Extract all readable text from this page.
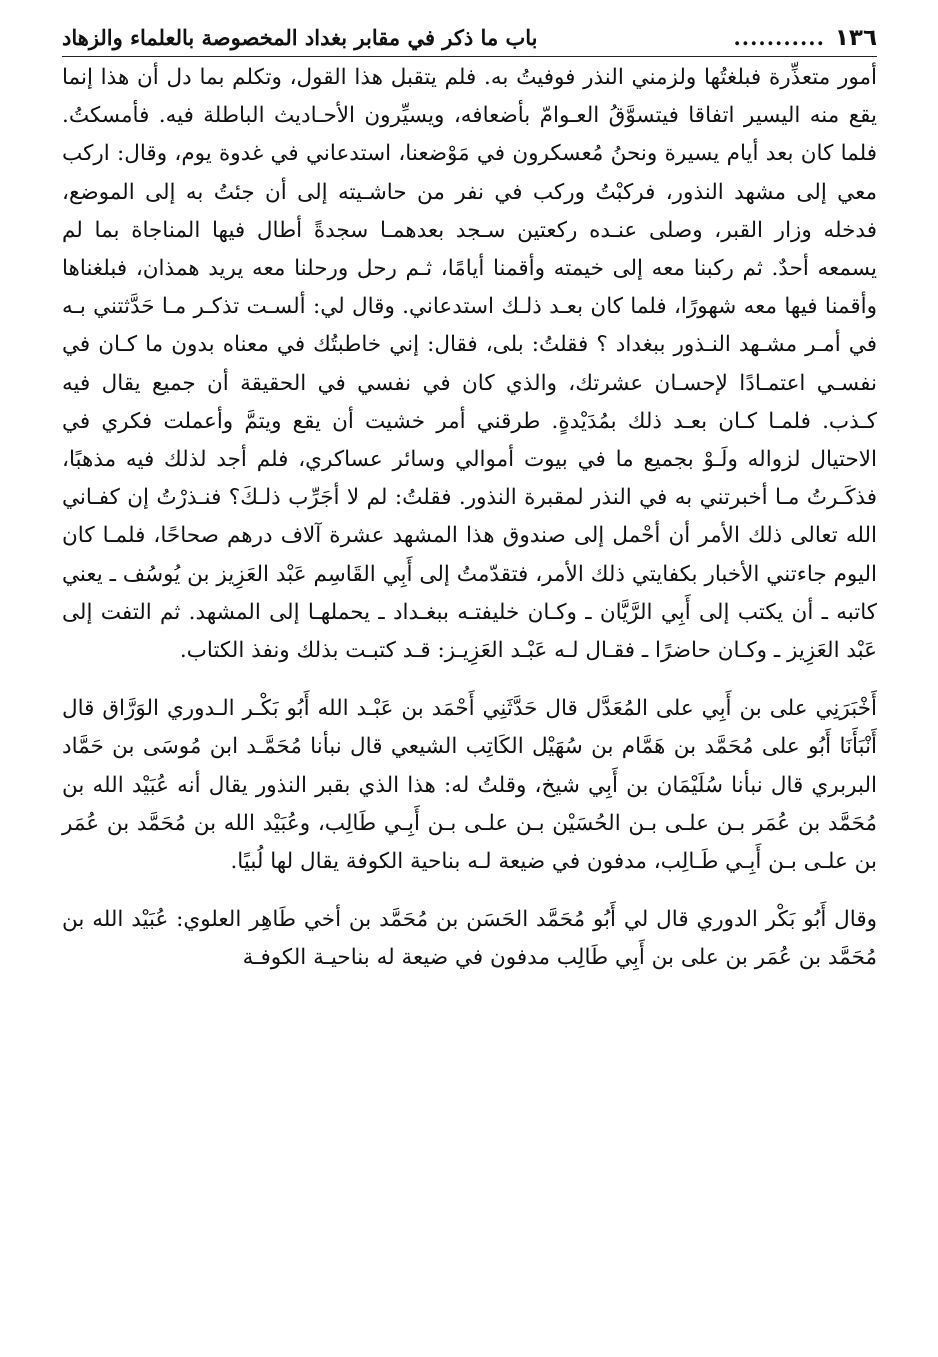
١٣٦
...........
باب ما ذكر في مقابر بغداد المخصوصة بالعلماء والزهاد

أمور متعذِّرة فبلغتُها ولزمني النذر فوفيتُ به. فلم يتقبل هذا القول، وتكلم بما دل أن هذا إنما يقع منه اليسير اتفاقا فيتسوَّقُ العـوامّ بأضعافه، ويسيِّرون الأحـاديث الباطلة فيه. فأمسكتُ. فلما كان بعد أيام يسيرة ونحنُ مُعسكرون في مَوْضعنا، استدعاني في غدوة يوم، وقال: اركب معي إلى مشهد النذور، فركبْتُ وركب في نفر من حاشـيته إلى أن جئتُ به إلى الموضع، فدخله وزار القبر، وصلى عنـده ركعتين سـجد بعدهمـا سجدةً أطال فيها المناجاة بما لم يسمعه أحدٌ. ثم ركبنا معه إلى خيمته وأقمنا أيامًا، ثـم رحل ورحلنا معه يريد همذان، فبلغناها وأقمنا فيها معه شهورًا، فلما كان بعـد ذلـك استدعاني. وقال لي: ألسـت تذكـر مـا حَدَّثتني بـه في أمـر مشـهد النـذور ببغداد ؟ فقلتُ: بلى، فقال: إني خاطبتُك في معناه بدون ما كـان في نفسـي اعتمـادًا لإحسـان عشرتك، والذي كان في نفسي في الحقيقة أن جميع يقال فيه كـذب. فلمـا كـان بعـد ذلك بمُدَيْدةٍ. طرقني أمر خشيت أن يقع ويتمَّ وأعملت فكري في الاحتيال لزواله ولَـوْ بجميع ما في بيوت أموالي وسائر عساكري، فلم أجد لذلك فيه مذهبًا، فذكَـرتُ مـا أخبرتني به في النذر لمقبرة النذور. فقلتُ: لم لا أجَرِّب ذلـكَ؟ فنـذرْتُ إن كفـاني الله تعالى ذلك الأمر أن أحْمل إلى صندوق هذا المشهد عشرة آلاف درهم صحاحًا، فلمـا كان اليوم جاءتني الأخبار بكفايتي ذلك الأمر، فتقدّمتُ إلى أَبِي القَاسِم عَبْد العَزِيز بن يُوسُف ـ يعني كاتبه ـ أن يكتب إلى أَبِي الرَّيَّان ـ وكـان خليفتـه ببغـداد ـ يحملهـا إلى المشهد. ثم التفت إلى عَبْد العَزِيز ـ وكـان حاضرًا ـ فقـال لـه عَبْـد العَزِيـز: قـد كتبـت بذلك ونفذ الكتاب.

أَخْبَرَنِي على بن أَبِي على المُعَدَّل قال حَدَّثَنِي أَحْمَد بن عَبْـد الله أَبُو بَكْـر الـدوري الوَرَّاق قال أَنْبَأَنَا أَبُو على مُحَمَّد بن هَمَّام بن سُهَيْل الكَاتِب الشيعي قال نبأنا مُحَمَّـد ابن مُوسَى بن حَمَّاد البربري قال نبأنا سُلَيْمَان بن أَبِي شيخ، وقلتُ له: هذا الذي بقبر النذور يقال أنه عُبَيْد الله بن مُحَمَّد بن عُمَر بـن علـى بـن الحُسَيْن بـن علـى بـن أَبِـي طَالِب، وعُبَيْد الله بن مُحَمَّد بن عُمَر بن علـى بـن أَبِـي طَـالِب، مدفون في ضيعة لـه بناحية الكوفة يقال لها لُبيًا.

وقال أَبُو بَكْر الدوري قال لي أَبُو مُحَمَّد الحَسَن بن مُحَمَّد بن أخي طَاهِر العلوي: عُبَيْد الله بن مُحَمَّد بن عُمَر بن على بن أَبِي طَالِب مدفون في ضيعة له بناحيـة الكوفـة
